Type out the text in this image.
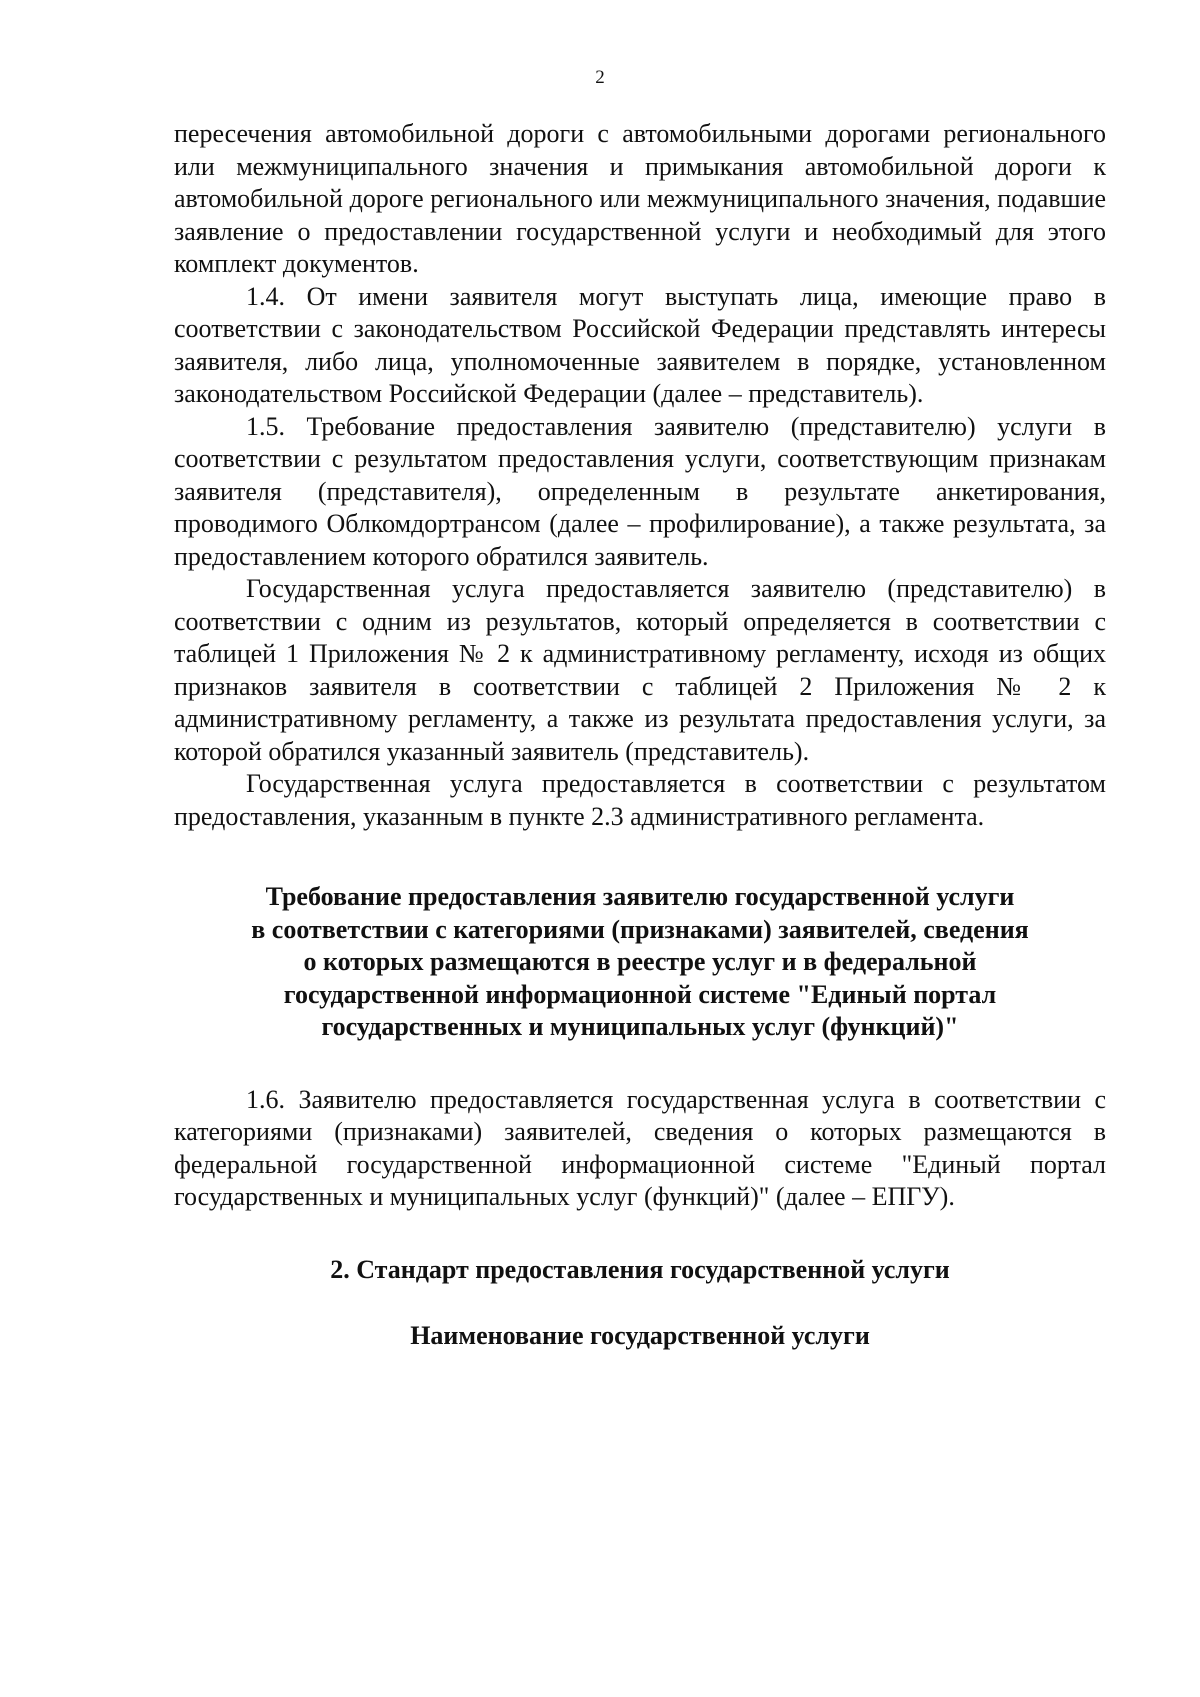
2

пересечения автомобильной дороги с автомобильными дорогами регионального или межмуниципального значения и примыкания автомобильной дороги к автомобильной дороге регионального или межмуниципального значения, подавшие заявление о предоставлении государственной услуги и необходимый для этого комплект документов.

1.4. От имени заявителя могут выступать лица, имеющие право в соответствии с законодательством Российской Федерации представлять интересы заявителя, либо лица, уполномоченные заявителем в порядке, установленном законодательством Российской Федерации (далее – представитель).

1.5. Требование предоставления заявителю (представителю) услуги в соответствии с результатом предоставления услуги, соответствующим признакам заявителя (представителя), определенным в результате анкетирования, проводимого Облкомдортрансом (далее – профилирование), а также результата, за предоставлением которого обратился заявитель.

Государственная услуга предоставляется заявителю (представителю) в соответствии с одним из результатов, который определяется в соответствии с таблицей 1 Приложения № 2 к административному регламенту, исходя из общих признаков заявителя в соответствии с таблицей 2 Приложения № 2 к административному регламенту, а также из результата предоставления услуги, за которой обратился указанный заявитель (представитель).

Государственная услуга предоставляется в соответствии с результатом предоставления, указанным в пункте 2.3 административного регламента.

Требование предоставления заявителю государственной услуги
в соответствии с категориями (признаками) заявителей, сведения
о которых размещаются в реестре услуг и в федеральной
государственной информационной системе "Единый портал
государственных и муниципальных услуг (функций)"

1.6. Заявителю предоставляется государственная услуга в соответствии с категориями (признаками) заявителей, сведения о которых размещаются в федеральной государственной информационной системе "Единый портал государственных и муниципальных услуг (функций)" (далее – ЕПГУ).

2. Стандарт предоставления государственной услуги
Наименование государственной услуги
